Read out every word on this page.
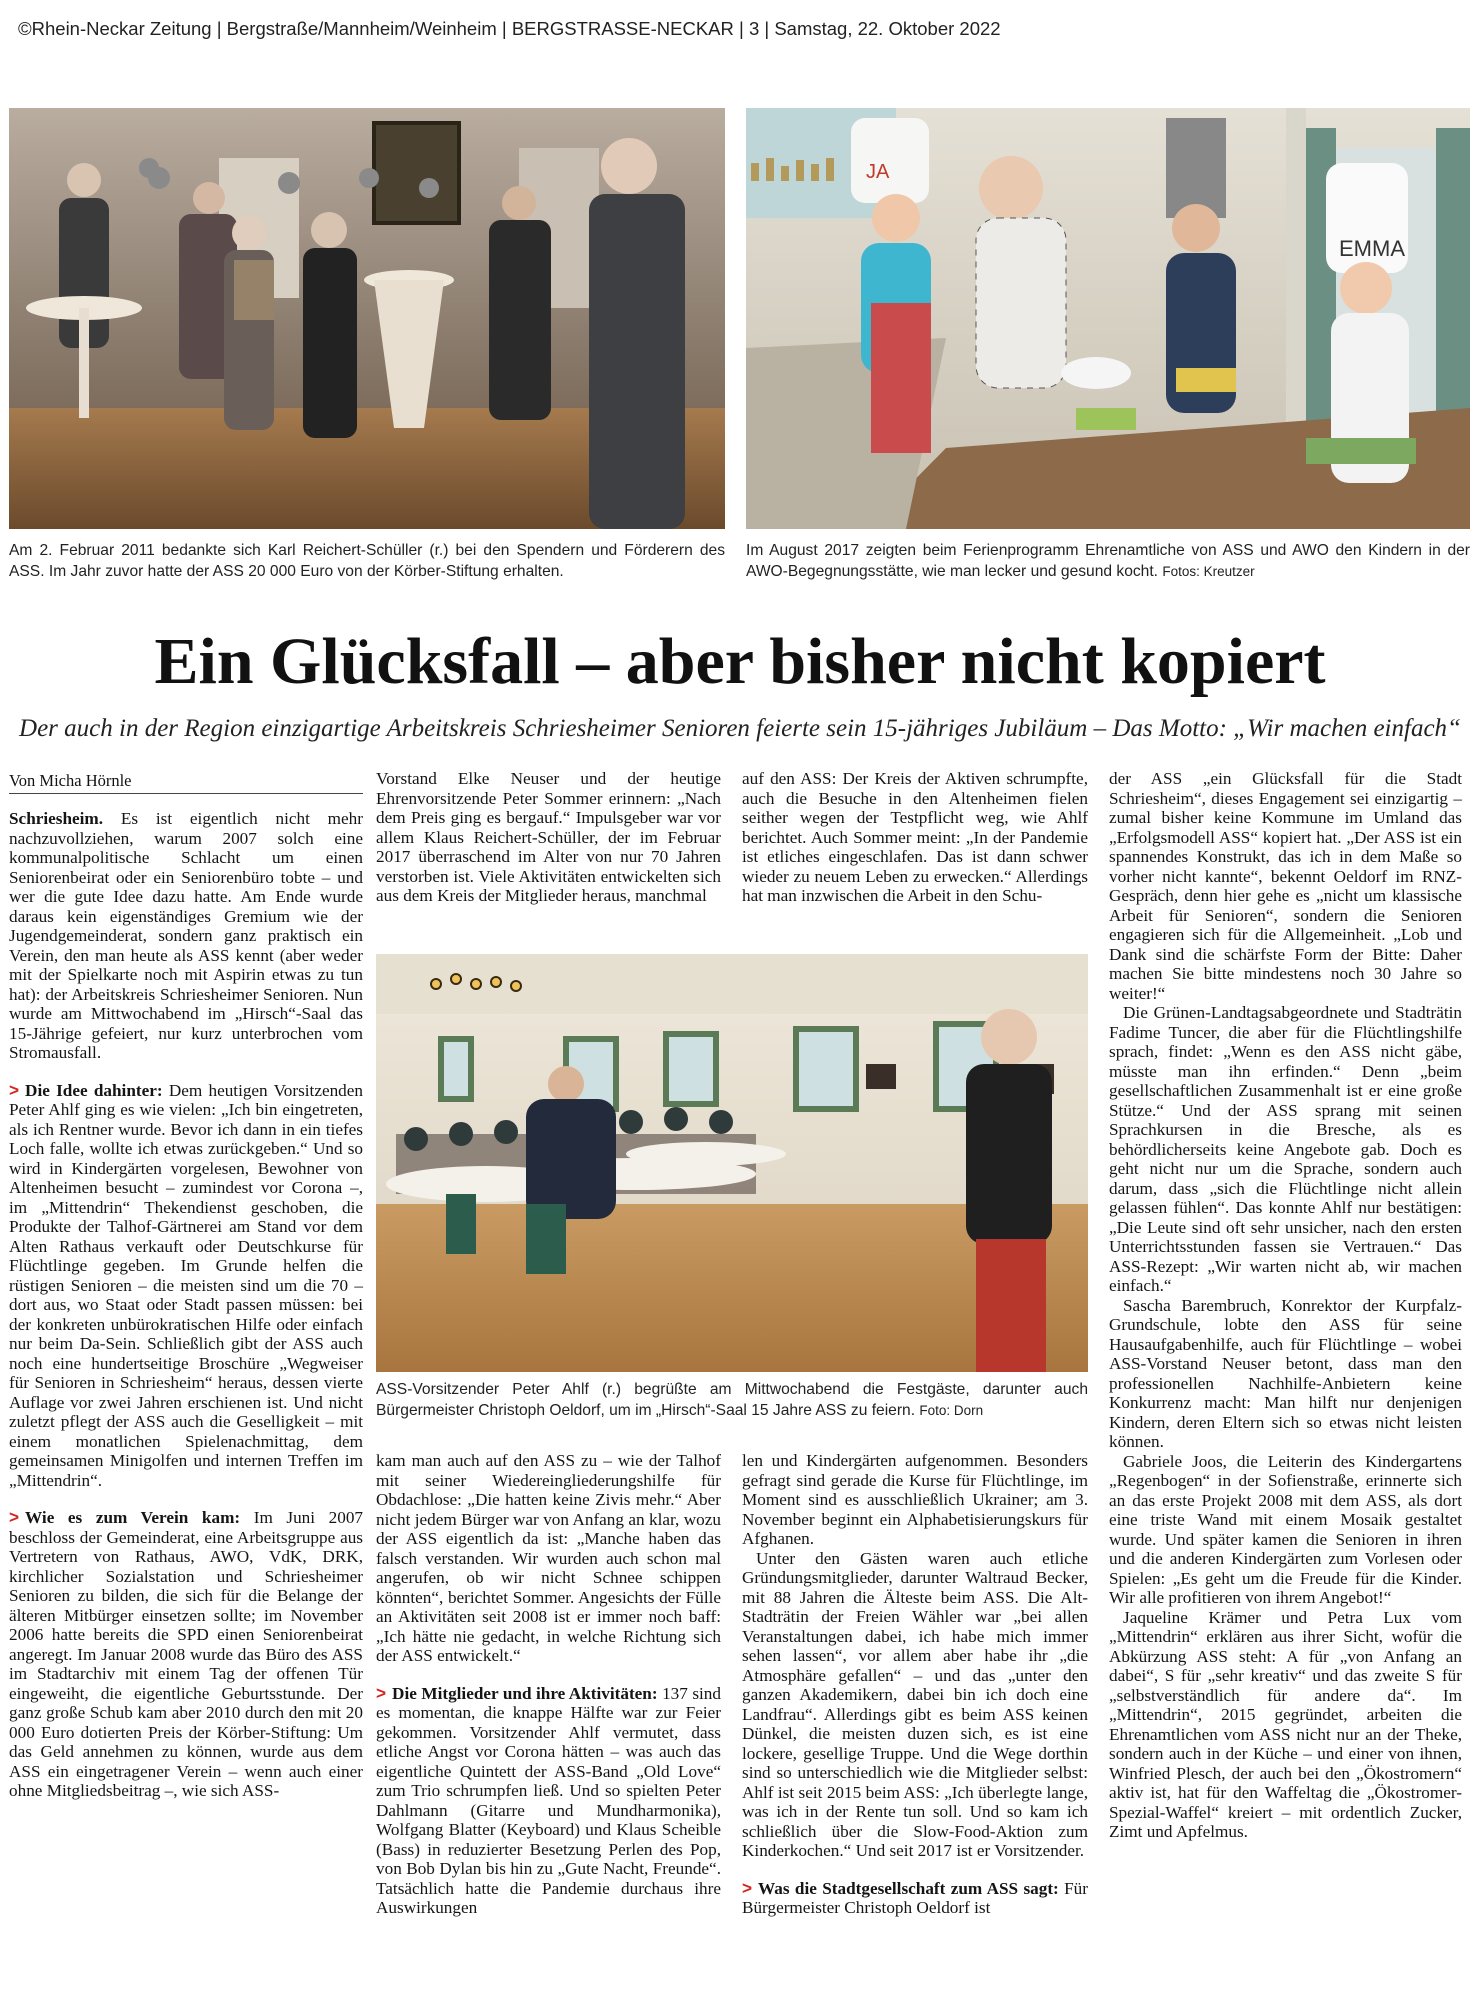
©Rhein-Neckar Zeitung | Bergstraße/Mannheim/Weinheim | BERGSTRASSE-NECKAR | 3 | Samstag, 22. Oktober 2022
Am 2. Februar 2011 bedankte sich Karl Reichert-Schüller (r.) bei den Spendern und Förderern des ASS. Im Jahr zuvor hatte der ASS 20 000 Euro von der Körber-Stiftung erhalten.
JA
EMMA
Im August 2017 zeigten beim Ferienprogramm Ehrenamtliche von ASS und AWO den Kindern in der AWO-Begegnungsstätte, wie man lecker und gesund kocht. Fotos: Kreutzer
Ein Glücksfall – aber bisher nicht kopiert
Der auch in der Region einzigartige Arbeitskreis Schriesheimer Senioren feierte sein 15-jähriges Jubiläum – Das Motto: „Wir machen einfach“
Von Micha Hörnle

Schriesheim. Es ist eigentlich nicht mehr nachzuvollziehen, warum 2007 solch eine kommunalpolitische Schlacht um einen Seniorenbeirat oder ein Seniorenbüro tobte – und wer die gute Idee dazu hatte. Am Ende wurde daraus kein eigenständiges Gremium wie der Jugendgemeinderat, sondern ganz praktisch ein Verein, den man heute als ASS kennt (aber weder mit der Spielkarte noch mit Aspirin etwas zu tun hat): der Arbeitskreis Schriesheimer Senioren. Nun wurde am Mittwochabend im „Hirsch“-Saal das 15-Jährige gefeiert, nur kurz unterbrochen vom Stromausfall.

> Die Idee dahinter: Dem heutigen Vorsitzenden Peter Ahlf ging es wie vielen: „Ich bin eingetreten, als ich Rentner wurde. Bevor ich dann in ein tiefes Loch falle, wollte ich etwas zurückgeben.“ Und so wird in Kindergärten vorgelesen, Bewohner von Altenheimen besucht – zumindest vor Corona –, im „Mittendrin“ Thekendienst geschoben, die Produkte der Talhof-Gärtnerei am Stand vor dem Alten Rathaus verkauft oder Deutschkurse für Flüchtlinge gegeben. Im Grunde helfen die rüstigen Senioren – die meisten sind um die 70 – dort aus, wo Staat oder Stadt passen müssen: bei der konkreten unbürokratischen Hilfe oder einfach nur beim Da-Sein. Schließlich gibt der ASS auch noch eine hundertseitige Broschüre „Wegweiser für Senioren in Schriesheim“ heraus, dessen vierte Auflage vor zwei Jahren erschienen ist. Und nicht zuletzt pflegt der ASS auch die Geselligkeit – mit einem monatlichen Spielenachmittag, dem gemeinsamen Minigolfen und internen Treffen im „Mittendrin“.

> Wie es zum Verein kam: Im Juni 2007 beschloss der Gemeinderat, eine Arbeitsgruppe aus Vertretern von Rathaus, AWO, VdK, DRK, kirchlicher Sozialstation und Schriesheimer Senioren zu bilden, die sich für die Belange der älteren Mitbürger einsetzen sollte; im November 2006 hatte bereits die SPD einen Seniorenbeirat angeregt. Im Januar 2008 wurde das Büro des ASS im Stadtarchiv mit einem Tag der offenen Tür eingeweiht, die eigentliche Geburtsstunde. Der ganz große Schub kam aber 2010 durch den mit 20 000 Euro dotierten Preis der Körber-Stiftung: Um das Geld annehmen zu können, wurde aus dem ASS ein eingetragener Verein – wenn auch einer ohne Mitgliedsbeitrag –, wie sich ASS-

Vorstand Elke Neuser und der heutige Ehrenvorsitzende Peter Sommer erinnern: „Nach dem Preis ging es bergauf.“ Impulsgeber war vor allem Klaus Reichert-Schüller, der im Februar 2017 überraschend im Alter von nur 70 Jahren verstorben ist. Viele Aktivitäten entwickelten sich aus dem Kreis der Mitglieder heraus, manchmal

auf den ASS: Der Kreis der Aktiven schrumpfte, auch die Besuche in den Altenheimen fielen seither wegen der Testpflicht weg, wie Ahlf berichtet. Auch Sommer meint: „In der Pandemie ist etliches eingeschlafen. Das ist dann schwer wieder zu neuem Leben zu erwecken.“ Allerdings hat man inzwischen die Arbeit in den Schu-

ASS-Vorsitzender Peter Ahlf (r.) begrüßte am Mittwochabend die Festgäste, darunter auch Bürgermeister Christoph Oeldorf, um im „Hirsch“-Saal 15 Jahre ASS zu feiern. Foto: Dorn

kam man auch auf den ASS zu – wie der Talhof mit seiner Wiedereingliederungshilfe für Obdachlose: „Die hatten keine Zivis mehr.“ Aber nicht jedem Bürger war von Anfang an klar, wozu der ASS eigentlich da ist: „Manche haben das falsch verstanden. Wir wurden auch schon mal angerufen, ob wir nicht Schnee schippen könnten“, berichtet Sommer. Angesichts der Fülle an Aktivitäten seit 2008 ist er immer noch baff: „Ich hätte nie gedacht, in welche Richtung sich der ASS entwickelt.“

> Die Mitglieder und ihre Aktivitäten: 137 sind es momentan, die knappe Hälfte war zur Feier gekommen. Vorsitzender Ahlf vermutet, dass etliche Angst vor Corona hätten – was auch das eigentliche Quintett der ASS-Band „Old Love“ zum Trio schrumpfen ließ. Und so spielten Peter Dahlmann (Gitarre und Mundharmonika), Wolfgang Blatter (Keyboard) und Klaus Scheible (Bass) in reduzierter Besetzung Perlen des Pop, von Bob Dylan bis hin zu „Gute Nacht, Freunde“. Tatsächlich hatte die Pandemie durchaus ihre Auswirkungen

len und Kindergärten aufgenommen. Besonders gefragt sind gerade die Kurse für Flüchtlinge, im Moment sind es ausschließlich Ukrainer; am 3. November beginnt ein Alphabetisierungskurs für Afghanen.

Unter den Gästen waren auch etliche Gründungsmitglieder, darunter Waltraud Becker, mit 88 Jahren die Älteste beim ASS. Die Alt-Stadträtin der Freien Wähler war „bei allen Veranstaltungen dabei, ich habe mich immer sehen lassen“, vor allem aber habe ihr „die Atmosphäre gefallen“ – und das „unter den ganzen Akademikern, dabei bin ich doch eine Landfrau“. Allerdings gibt es beim ASS keinen Dünkel, die meisten duzen sich, es ist eine lockere, gesellige Truppe. Und die Wege dorthin sind so unterschiedlich wie die Mitglieder selbst: Ahlf ist seit 2015 beim ASS: „Ich überlegte lange, was ich in der Rente tun soll. Und so kam ich schließlich über die Slow-Food-Aktion zum Kinderkochen.“ Und seit 2017 ist er Vorsitzender.

> Was die Stadtgesellschaft zum ASS sagt: Für Bürgermeister Christoph Oeldorf ist

der ASS „ein Glücksfall für die Stadt Schriesheim“, dieses Engagement sei einzigartig – zumal bisher keine Kommune im Umland das „Erfolgsmodell ASS“ kopiert hat. „Der ASS ist ein spannendes Konstrukt, das ich in dem Maße so vorher nicht kannte“, bekennt Oeldorf im RNZ-Gespräch, denn hier gehe es „nicht um klassische Arbeit für Senioren“, sondern die Senioren engagieren sich für die Allgemeinheit. „Lob und Dank sind die schärfste Form der Bitte: Daher machen Sie bitte mindestens noch 30 Jahre so weiter!“

Die Grünen-Landtagsabgeordnete und Stadträtin Fadime Tuncer, die aber für die Flüchtlingshilfe sprach, findet: „Wenn es den ASS nicht gäbe, müsste man ihn erfinden.“ Denn „beim gesellschaftlichen Zusammenhalt ist er eine große Stütze.“ Und der ASS sprang mit seinen Sprachkursen in die Bresche, als es behördlicherseits keine Angebote gab. Doch es geht nicht nur um die Sprache, sondern auch darum, dass „sich die Flüchtlinge nicht allein gelassen fühlen“. Das konnte Ahlf nur bestätigen: „Die Leute sind oft sehr unsicher, nach den ersten Unterrichtsstunden fassen sie Vertrauen.“ Das ASS-Rezept: „Wir warten nicht ab, wir machen einfach.“

Sascha Barembruch, Konrektor der Kurpfalz-Grundschule, lobte den ASS für seine Hausaufgabenhilfe, auch für Flüchtlinge – wobei ASS-Vorstand Neuser betont, dass man den professionellen Nachhilfe-Anbietern keine Konkurrenz macht: Man hilft nur denjenigen Kindern, deren Eltern sich so etwas nicht leisten können.

Gabriele Joos, die Leiterin des Kindergartens „Regenbogen“ in der Sofienstraße, erinnerte sich an das erste Projekt 2008 mit dem ASS, als dort eine triste Wand mit einem Mosaik gestaltet wurde. Und später kamen die Senioren in ihren und die anderen Kindergärten zum Vorlesen oder Spielen: „Es geht um die Freude für die Kinder. Wir alle profitieren von ihrem Angebot!“

Jaqueline Krämer und Petra Lux vom „Mittendrin“ erklären aus ihrer Sicht, wofür die Abkürzung ASS steht: A für „von Anfang an dabei“, S für „sehr kreativ“ und das zweite S für „selbstverständlich für andere da“. Im „Mittendrin“, 2015 gegründet, arbeiten die Ehrenamtlichen vom ASS nicht nur an der Theke, sondern auch in der Küche – und einer von ihnen, Winfried Plesch, der auch bei den „Ökostromern“ aktiv ist, hat für den Waffeltag die „Ökostromer-Spezial-Waffel“ kreiert – mit ordentlich Zucker, Zimt und Apfelmus.
